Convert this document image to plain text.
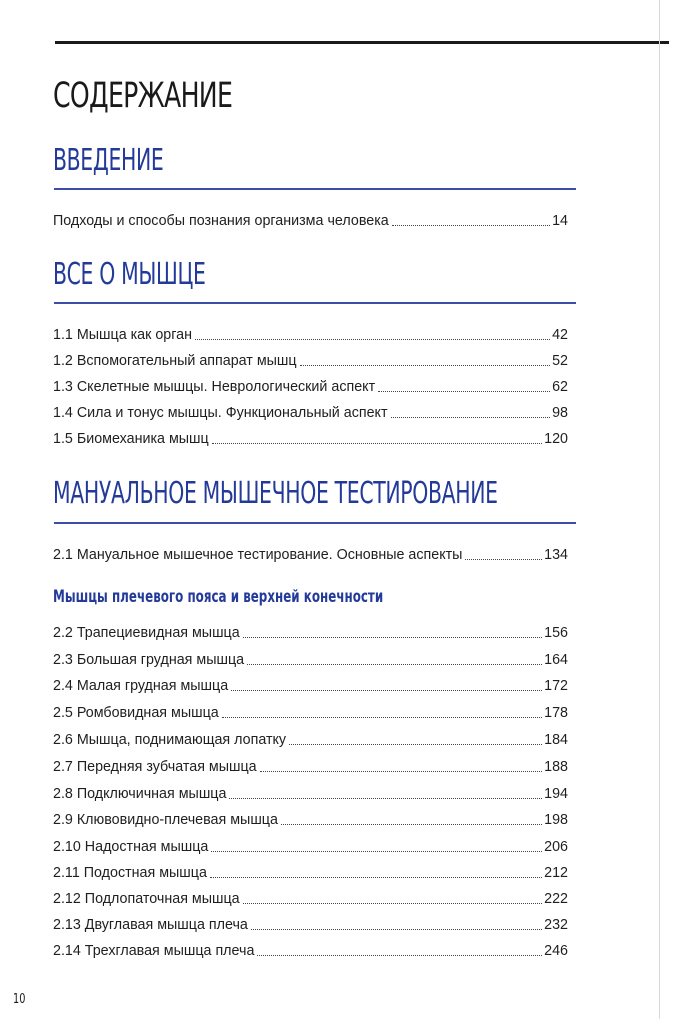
СОДЕРЖАНИЕ
ВВЕДЕНИЕ
Подходы и способы познания организма человека	14
ВСЕ О МЫШЦЕ
1.1 Мышца как орган	42
1.2 Вспомогательный аппарат мышц	52
1.3 Скелетные мышцы. Неврологический аспект	62
1.4 Сила и тонус мышцы. Функциональный аспект	98
1.5 Биомеханика мышц	120
МАНУАЛЬНОЕ МЫШЕЧНОЕ ТЕСТИРОВАНИЕ
2.1 Мануальное мышечное тестирование. Основные аспекты	134
Мышцы плечевого пояса и верхней конечности
2.2 Трапециевидная мышца	156
2.3 Большая грудная мышца	164
2.4 Малая грудная мышца	172
2.5 Ромбовидная мышца	178
2.6 Мышца, поднимающая лопатку	184
2.7 Передняя зубчатая мышца	188
2.8 Подключичная мышца	194
2.9 Клювовидно-плечевая мышца	198
2.10 Надостная мышца	206
2.11 Подостная мышца	212
2.12 Подлопаточная мышца	222
2.13 Двуглавая мышца плеча	232
2.14 Трехглавая мышца плеча	246
10
